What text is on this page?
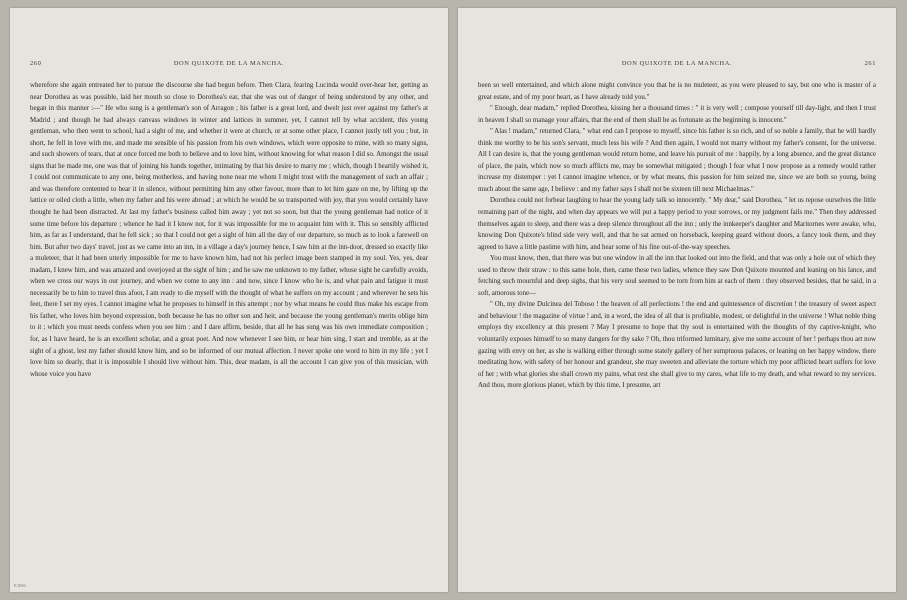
260	DON QUIXOTE DE LA MANCHA.

wherefore she again entreated her to pursue the discourse she had begun before. Then Clara, fearing Lucinda would over-hear her, getting as near Dorothea as was possible, laid her mouth so close to Dorothea's ear, that she was out of danger of being understood by any other, and began in this manner :—" He who sung is a gentleman's son of Arragon ; his father is a great lord, and dwelt just over against my father's at Madrid ; and though he had always canvass windows in winter and lattices in summer, yet, I cannot tell by what accident, this young gentleman, who then went to school, had a sight of me, and whether it were at church, or at some other place, I cannot justly tell you ; but, in short, he fell in love with me, and made me sensible of his passion from his own windows, which were opposite to mine, with so many signs, and such showers of tears, that at once forced me both to believe and to love him, without knowing for what reason I did so. Amongst the usual signs that he made me, one was that of joining his hands together, intimating by that his desire to marry me ; which, though I heartily wished it, I could not communicate to any one, being motherless, and having none near me whom I might trust with the management of such an affair ; and was therefore contented to bear it in silence, without permitting him any other favour, more than to let him gaze on me, by lifting up the lattice or oiled cloth a little, when my father and his were abroad ; at which he would be so transported with joy, that you would certainly have thought he had been distracted. At last my father's business called him away ; yet not so soon, but that the young gentleman had notice of it some time before his departure ; whence he had it I know not, for it was impossible for me to acquaint him with it. This so sensibly afflicted him, as far as I understand, that he fell sick ; so that I could not get a sight of him all the day of our departure, so much as to look a farewell on him. But after two days' travel, just as we came into an inn, in a village a day's journey hence, I saw him at the inn-door, dressed so exactly like a muleteer, that it had been utterly impossible for me to have known him, had not his perfect image been stamped in my soul. Yes, yes, dear madam, I knew him, and was amazed and overjoyed at the sight of him ; and he saw me unknown to my father, whose sight he carefully avoids, when we cross our ways in our journey, and when we come to any inn : and now, since I know who he is, and what pain and fatigue it must necessarily be to him to travel thus afoot, I am ready to die myself with the thought of what he suffers on my account ; and wherever he sets his feet, there I set my eyes. I cannot imagine what he proposes to himself in this attempt ; nor by what means he could thus make his escape from his father, who loves him beyond expression, both because he has no other son and heir, and because the young gentleman's merits oblige him to it ; which you must needs confess when you see him : and I dare affirm, beside, that all he has sung was his own immediate composition ; for, as I have heard, he is an excellent scholar, and a great poet. And now whenever I see him, or hear him sing, I start and tremble, as at the sight of a ghost, lest my father should know him, and so be informed of our mutual affection. I never spoke one word to him in my life ; yet I love him so dearly, that it is impossible I should live without him. This, dear madam, is all the account I can give you of this musician, with whose voice you have

E.3916
DON QUIXOTE DE LA MANCHA.	261

been so well entertained, and which alone might convince you that he is no muleteer, as you were pleased to say, but one who is master of a great estate, and of my poor heart, as I have already told you."

" Enough, dear madam," replied Dorothea, kissing her a thousand times : " it is very well ; compose yourself till day-light, and then I trust in heaven I shall so manage your affairs, that the end of them shall be as fortunate as the beginning is innocent."

" Alas ! madam," returned Clara, " what end can I propose to myself, since his father is so rich, and of so noble a family, that he will hardly think me worthy to be his son's servant, much less his wife ? And then again, I would not marry without my father's consent, for the universe. All I can desire is, that the young gentleman would return home, and leave his pursuit of me : happily, by a long absence, and the great distance of place, the pain, which now so much afflicts me, may be somewhat mitigated ; though I fear what I now propose as a remedy would rather increase my distemper : yet I cannot imagine whence, or by what means, this passion for him seized me, since we are both so young, being much about the same age, I believe : and my father says I shall not be sixteen till next Michaelmas."

Dorothea could not forbear laughing to hear the young lady talk so innocently. " My dear," said Dorothea, " let us repose ourselves the little remaining part of the night, and when day appears we will put a happy period to your sorrows, or my judgment fails me." Then they addressed themselves again to sleep, and there was a deep silence throughout all the inn ; only the innkeeper's daughter and Maritornes were awake, who, knowing Don Quixote's blind side very well, and that he sat armed on horseback, keeping guard without doors, a fancy took them, and they agreed to have a little pastime with him, and hear some of his fine out-of-the-way speeches.

You must know, then, that there was but one window in all the inn that looked out into the field, and that was only a hole out of which they used to throw their straw : to this same hole, then, came these two ladies, whence they saw Don Quixote mounted and leaning on his lance, and fetching such mournful and deep sighs, that his very soul seemed to be torn from him at each of them : they observed besides, that he said, in a soft, amorous tone—

" Oh, my divine Dulcinea del Toboso ! the heaven of all perfections ! the end and quintessence of discretion ! the treasury of sweet aspect and behaviour ! the magazine of virtue ! and, in a word, the idea of all that is profitable, modest, or delightful in the universe ! What noble thing employs thy excellency at this present ? May I presume to hope that thy soul is entertained with the thoughts of thy captive-knight, who voluntarily exposes himself to so many dangers for thy sake ? Oh, thou triformed luminary, give me some account of her ! perhaps thou art now gazing with envy on her, as she is walking either through some stately gallery of her sumptuous palaces, or leaning on her happy window, there meditating how, with safety of her honour and grandeur, she may sweeten and alleviate the torture which my poor afflicted heart suffers for love of her ; with what glories she shall crown my pains, what rest she shall give to my cares, what life to my death, and what reward to my services. And thou, more glorious planet, which by this time, I presume, art
